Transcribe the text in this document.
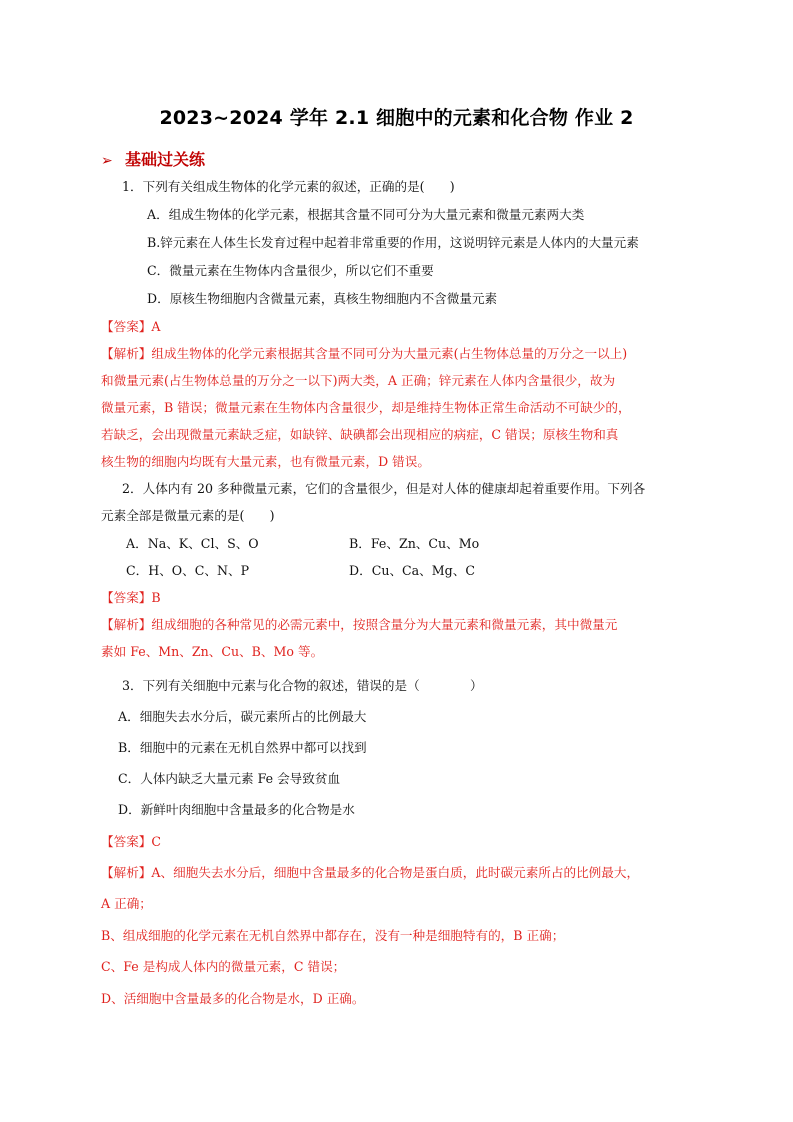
2023~2024 学年 2.1 细胞中的元素和化合物 作业 2
➢ 基础过关练
1．下列有关组成生物体的化学元素的叙述，正确的是(　　)
A．组成生物体的化学元素，根据其含量不同可分为大量元素和微量元素两大类
B.锌元素在人体生长发育过程中起着非常重要的作用，这说明锌元素是人体内的大量元素
C．微量元素在生物体内含量很少，所以它们不重要
D．原核生物细胞内含微量元素，真核生物细胞内不含微量元素
【答案】A
【解析】组成生物体的化学元素根据其含量不同可分为大量元素(占生物体总量的万分之一以上)
和微量元素(占生物体总量的万分之一以下)两大类，A 正确；锌元素在人体内含量很少，故为
微量元素，B 错误；微量元素在生物体内含量很少，却是维持生物体正常生命活动不可缺少的，
若缺乏，会出现微量元素缺乏症，如缺锌、缺碘都会出现相应的病症，C 错误；原核生物和真
核生物的细胞内均既有大量元素，也有微量元素，D 错误。
2．人体内有 20 多种微量元素，它们的含量很少，但是对人体的健康却起着重要作用。下列各
元素全部是微量元素的是(　　)
A．Na、K、Cl、S、O	B．Fe、Zn、Cu、Mo
C．H、O、C、N、P	D．Cu、Ca、Mg、C
【答案】B
【解析】组成细胞的各种常见的必需元素中，按照含量分为大量元素和微量元素，其中微量元
素如 Fe、Mn、Zn、Cu、B、Mo 等。
3．下列有关细胞中元素与化合物的叙述，错误的是（　　　　）
A．细胞失去水分后，碳元素所占的比例最大
B．细胞中的元素在无机自然界中都可以找到
C．人体内缺乏大量元素 Fe 会导致贫血
D．新鲜叶肉细胞中含量最多的化合物是水
【答案】C
【解析】A、细胞失去水分后，细胞中含量最多的化合物是蛋白质，此时碳元素所占的比例最大，
A 正确；
B、组成细胞的化学元素在无机自然界中都存在，没有一种是细胞特有的，B 正确；
C、Fe 是构成人体内的微量元素，C 错误；
D、活细胞中含量最多的化合物是水，D 正确。
